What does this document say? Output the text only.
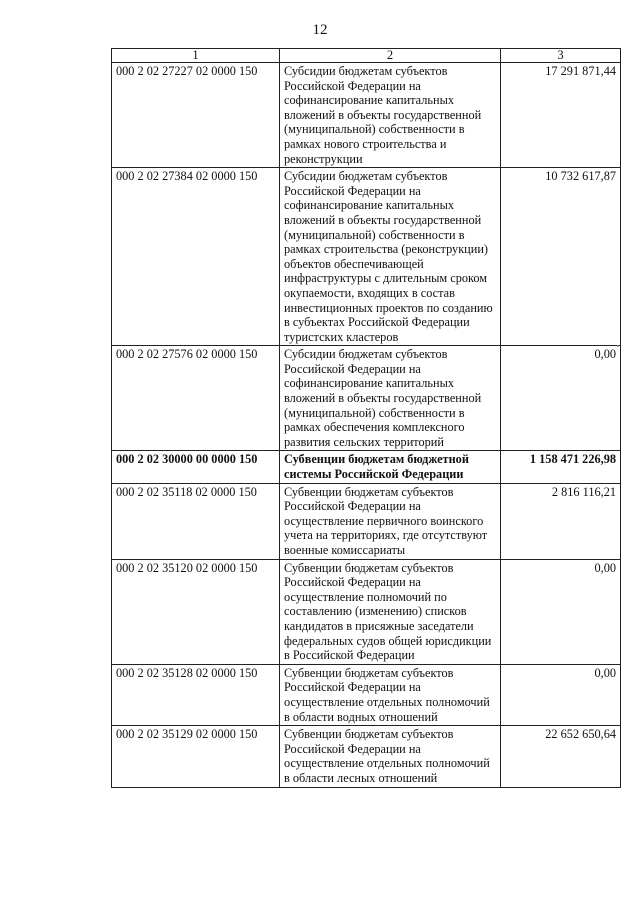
12
1	2	3
000 2 02 27227 02 0000 150	Субсидии бюджетам субъектов Российской Федерации на софинансирование капитальных вложений в объекты государственной (муниципальной) собственности в рамках нового строительства и реконструкции	17 291 871,44
000 2 02 27384 02 0000 150	Субсидии бюджетам субъектов Российской Федерации на софинансирование капитальных вложений в объекты государственной (муниципальной) собственности в рамках строительства (реконструкции) объектов обеспечивающей инфраструктуры с длительным сроком окупаемости, входящих в состав инвестиционных проектов по созданию в субъектах Российской Федерации туристских кластеров	10 732 617,87
000 2 02 27576 02 0000 150	Субсидии бюджетам субъектов Российской Федерации на софинансирование капитальных вложений в объекты государственной (муниципальной) собственности в рамках обеспечения комплексного развития сельских территорий	0,00
000 2 02 30000 00 0000 150	Субвенции бюджетам бюджетной системы Российской Федерации	1 158 471 226,98
000 2 02 35118 02 0000 150	Субвенции бюджетам субъектов Российской Федерации на осуществление первичного воинского учета на территориях, где отсутствуют военные комиссариаты	2 816 116,21
000 2 02 35120 02 0000 150	Субвенции бюджетам субъектов Российской Федерации на осуществление полномочий по составлению (изменению) списков кандидатов в присяжные заседатели федеральных судов общей юрисдикции в Российской Федерации	0,00
000 2 02 35128 02 0000 150	Субвенции бюджетам субъектов Российской Федерации на осуществление отдельных полномочий в области водных отношений	0,00
000 2 02 35129 02 0000 150	Субвенции бюджетам субъектов Российской Федерации на осуществление отдельных полномочий в области лесных отношений	22 652 650,64
